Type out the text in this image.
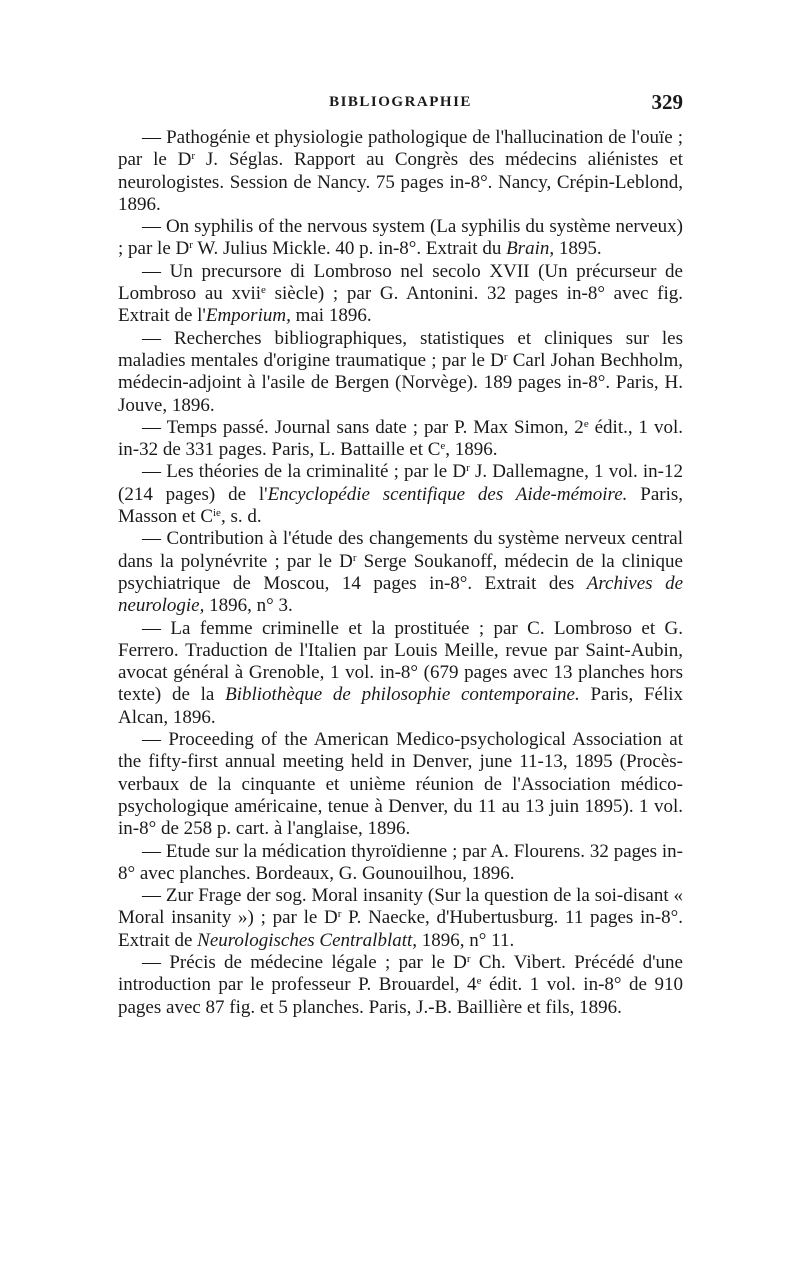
BIBLIOGRAPHIE	329

— Pathogénie et physiologie pathologique de l'hallucination de l'ouïe ; par le $D^r$ J. Séglas. Rapport au Congrès des médecins aliénistes et neurologistes. Session de Nancy. 75 pages in-8°. Nancy, Crépin-Leblond, 1896.

— On syphilis of the nervous system (La syphilis du système nerveux) ; par le $D^r$ W. Julius Mickle. 40 p. in-8°. Extrait du Brain, 1895.

— Un precursore di Lombroso nel secolo XVII (Un précurseur de Lombroso au xvii$^e$ siècle) ; par G. Antonini. 32 pages in-8° avec fig. Extrait de l'Emporium, mai 1896.

— Recherches bibliographiques, statistiques et cliniques sur les maladies mentales d'origine traumatique ; par le $D^r$ Carl Johan Bechholm, médecin-adjoint à l'asile de Bergen (Norvège). 189 pages in-8°. Paris, H. Jouve, 1896.

— Temps passé. Journal sans date ; par P. Max Simon, 2e édit., 1 vol. in-32 de 331 pages. Paris, L. Battaille et Ce, 1896.

— Les théories de la criminalité ; par le $D^r$ J. Dallemagne, 1 vol. in-12 (214 pages) de l'Encyclopédie scentifique des Aide-mémoire. Paris, Masson et $C^{ie}$, s. d.

— Contribution à l'étude des changements du système nerveux central dans la polynévrite ; par le $D^r$ Serge Soukanoff, médecin de la clinique psychiatrique de Moscou, 14 pages in-8°. Extrait des Archives de neurologie, 1896, n° 3.

— La femme criminelle et la prostituée ; par C. Lombroso et G. Ferrero. Traduction de l'Italien par Louis Meille, revue par Saint-Aubin, avocat général à Grenoble, 1 vol. in-8° (679 pages avec 13 planches hors texte) de la Bibliothèque de philosophie contemporaine. Paris, Félix Alcan, 1896.

— Proceeding of the American Medico-psychological Association at the fifty-first annual meeting held in Denver, june 11-13, 1895 (Procès-verbaux de la cinquante et unième réunion de l'Association médico-psychologique américaine, tenue à Denver, du 11 au 13 juin 1895). 1 vol. in-8° de 258 p. cart. à l'anglaise, 1896.

— Etude sur la médication thyroïdienne ; par A. Flourens. 32 pages in-8° avec planches. Bordeaux, G. Gounouilhou, 1896.

— Zur Frage der sog. Moral insanity (Sur la question de la soi-disant « Moral insanity ») ; par le $D^r$ P. Naecke, d'Hubertusburg. 11 pages in-8°. Extrait de Neurologisches Centralblatt, 1896, n° 11.

— Précis de médecine légale ; par le $D^r$ Ch. Vibert. Précédé d'une introduction par le professeur P. Brouardel, 4e édit. 1 vol. in-8° de 910 pages avec 87 fig. et 5 planches. Paris, J.-B. Baillière et fils, 1896.
